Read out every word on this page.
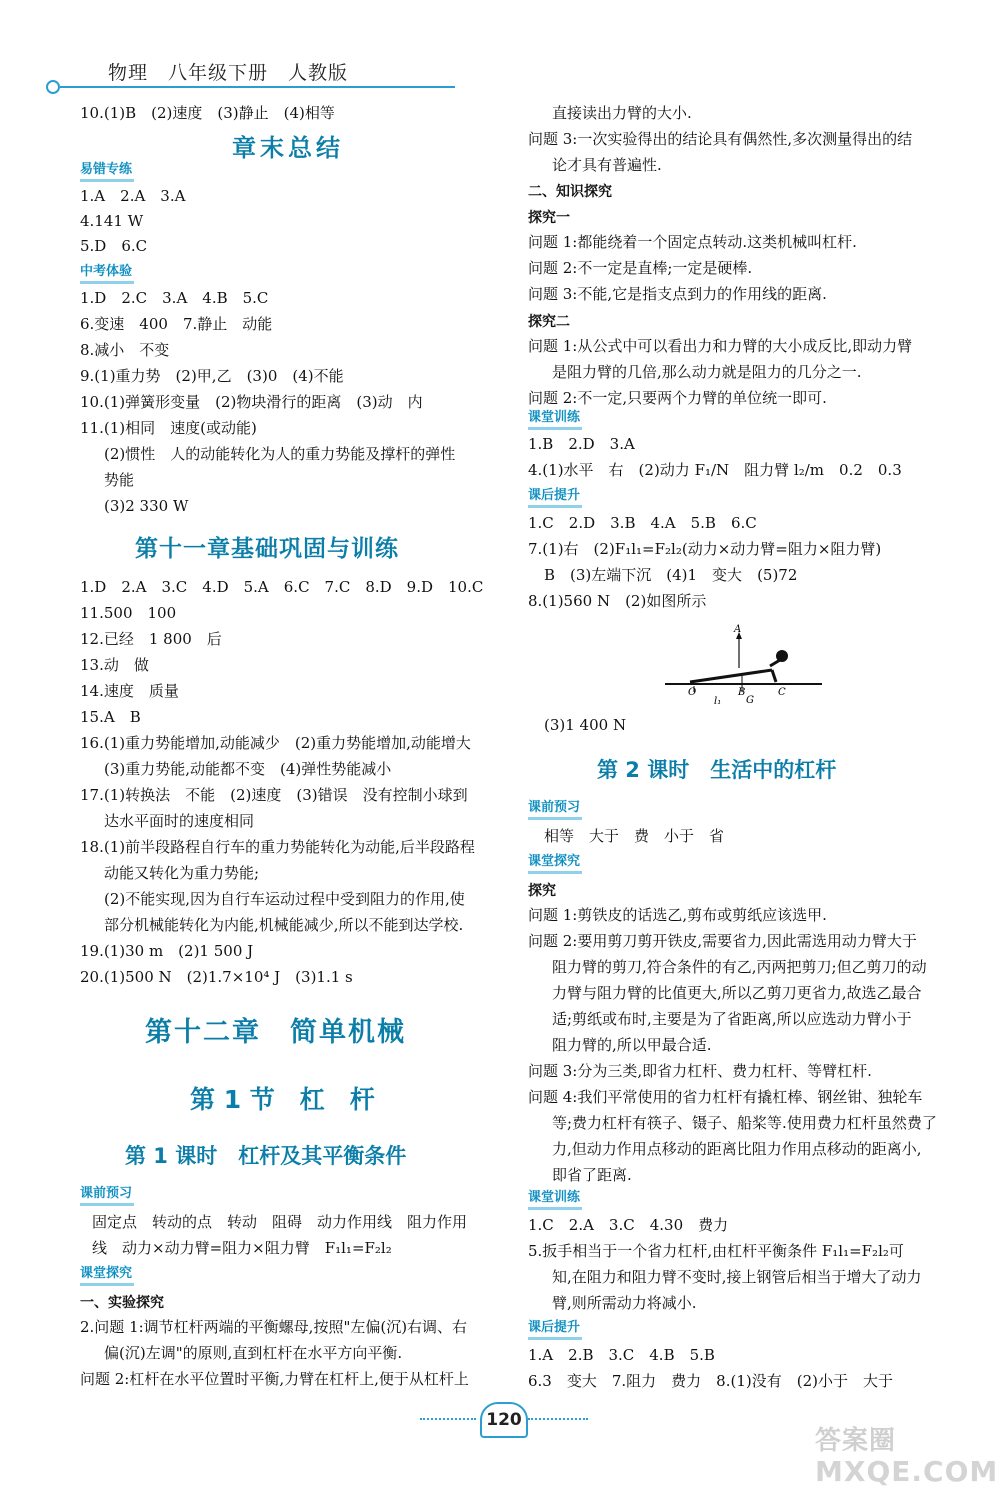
物理　八年级下册　人教版
10.(1)B　(2)速度　(3)静止　(4)相等
章末总结
易错专练
1.A　2.A　3.A
4.141 W
5.D　6.C
中考体验
1.D　2.C　3.A　4.B　5.C
6.变速　400　7.静止　动能
8.减小　不变
9.(1)重力势　(2)甲,乙　(3)0　(4)不能
10.(1)弹簧形变量　(2)物块滑行的距离　(3)动　内
11.(1)相同　速度(或动能)
(2)惯性　人的动能转化为人的重力势能及撑杆的弹性
势能
(3)2 330 W
第十一章基础巩固与训练
1.D　2.A　3.C　4.D　5.A　6.C　7.C　8.D　9.D　10.C
11.500　100
12.已经　1 800　后
13.动　做
14.速度　质量
15.A　B
16.(1)重力势能增加,动能减少　(2)重力势能增加,动能增大
(3)重力势能,动能都不变　(4)弹性势能减小
17.(1)转换法　不能　(2)速度　(3)错误　没有控制小球到
达水平面时的速度相同
18.(1)前半段路程自行车的重力势能转化为动能,后半段路程
动能又转化为重力势能;
(2)不能实现,因为自行车运动过程中受到阻力的作用,使
部分机械能转化为内能,机械能减少,所以不能到达学校.
19.(1)30 m　(2)1 500 J
20.(1)500 N　(2)1.7×10⁴ J　(3)1.1 s
第十二章　简单机械
第 1 节　杠　杆
第 1 课时　杠杆及其平衡条件
课前预习
固定点　转动的点　转动　阻碍　动力作用线　阻力作用
线　动力×动力臂=阻力×阻力臂　F₁l₁=F₂l₂
课堂探究
一、实验探究
2.问题 1:调节杠杆两端的平衡螺母,按照"左偏(沉)右调、右
偏(沉)左调"的原则,直到杠杆在水平方向平衡.
问题 2:杠杆在水平位置时平衡,力臂在杠杆上,便于从杠杆上
直接读出力臂的大小.
问题 3:一次实验得出的结论具有偶然性,多次测量得出的结
论才具有普遍性.
二、知识探究
探究一
问题 1:都能绕着一个固定点转动.这类机械叫杠杆.
问题 2:不一定是直棒;一定是硬棒.
问题 3:不能,它是指支点到力的作用线的距离.
探究二
问题 1:从公式中可以看出力和力臂的大小成反比,即动力臂
是阻力臂的几倍,那么动力就是阻力的几分之一.
问题 2:不一定,只要两个力臂的单位统一即可.
课堂训练
1.B　2.D　3.A
4.(1)水平　右　(2)动力 F₁/N　阻力臂 l₂/m　0.2　0.3
课后提升
1.C　2.D　3.B　4.A　5.B　6.C
7.(1)右　(2)F₁l₁=F₂l₂(动力×动力臂=阻力×阻力臂)
B　(3)左端下沉　(4)1　变大　(5)72
8.(1)560 N　(2)如图所示
A
O
l₁
B
G
C
(3)1 400 N
第 2 课时　生活中的杠杆
课前预习
相等　大于　费　小于　省
课堂探究
探究
问题 1:剪铁皮的话选乙,剪布或剪纸应该选甲.
问题 2:要用剪刀剪开铁皮,需要省力,因此需选用动力臂大于
阻力臂的剪刀,符合条件的有乙,丙两把剪刀;但乙剪刀的动
力臂与阻力臂的比值更大,所以乙剪刀更省力,故选乙最合
适;剪纸或布时,主要是为了省距离,所以应选动力臂小于
阻力臂的,所以甲最合适.
问题 3:分为三类,即省力杠杆、费力杠杆、等臂杠杆.
问题 4:我们平常使用的省力杠杆有撬杠棒、钢丝钳、独轮车
等;费力杠杆有筷子、镊子、船桨等.使用费力杠杆虽然费了
力,但动力作用点移动的距离比阻力作用点移动的距离小,
即省了距离.
课堂训练
1.C　2.A　3.C　4.30　费力
5.扳手相当于一个省力杠杆,由杠杆平衡条件 F₁l₁=F₂l₂可
知,在阻力和阻力臂不变时,接上钢管后相当于增大了动力
臂,则所需动力将减小.
课后提升
1.A　2.B　3.C　4.B　5.B
6.3　变大　7.阻力　费力　8.(1)没有　(2)小于　大于
120
答案圈
MXQE.COM
